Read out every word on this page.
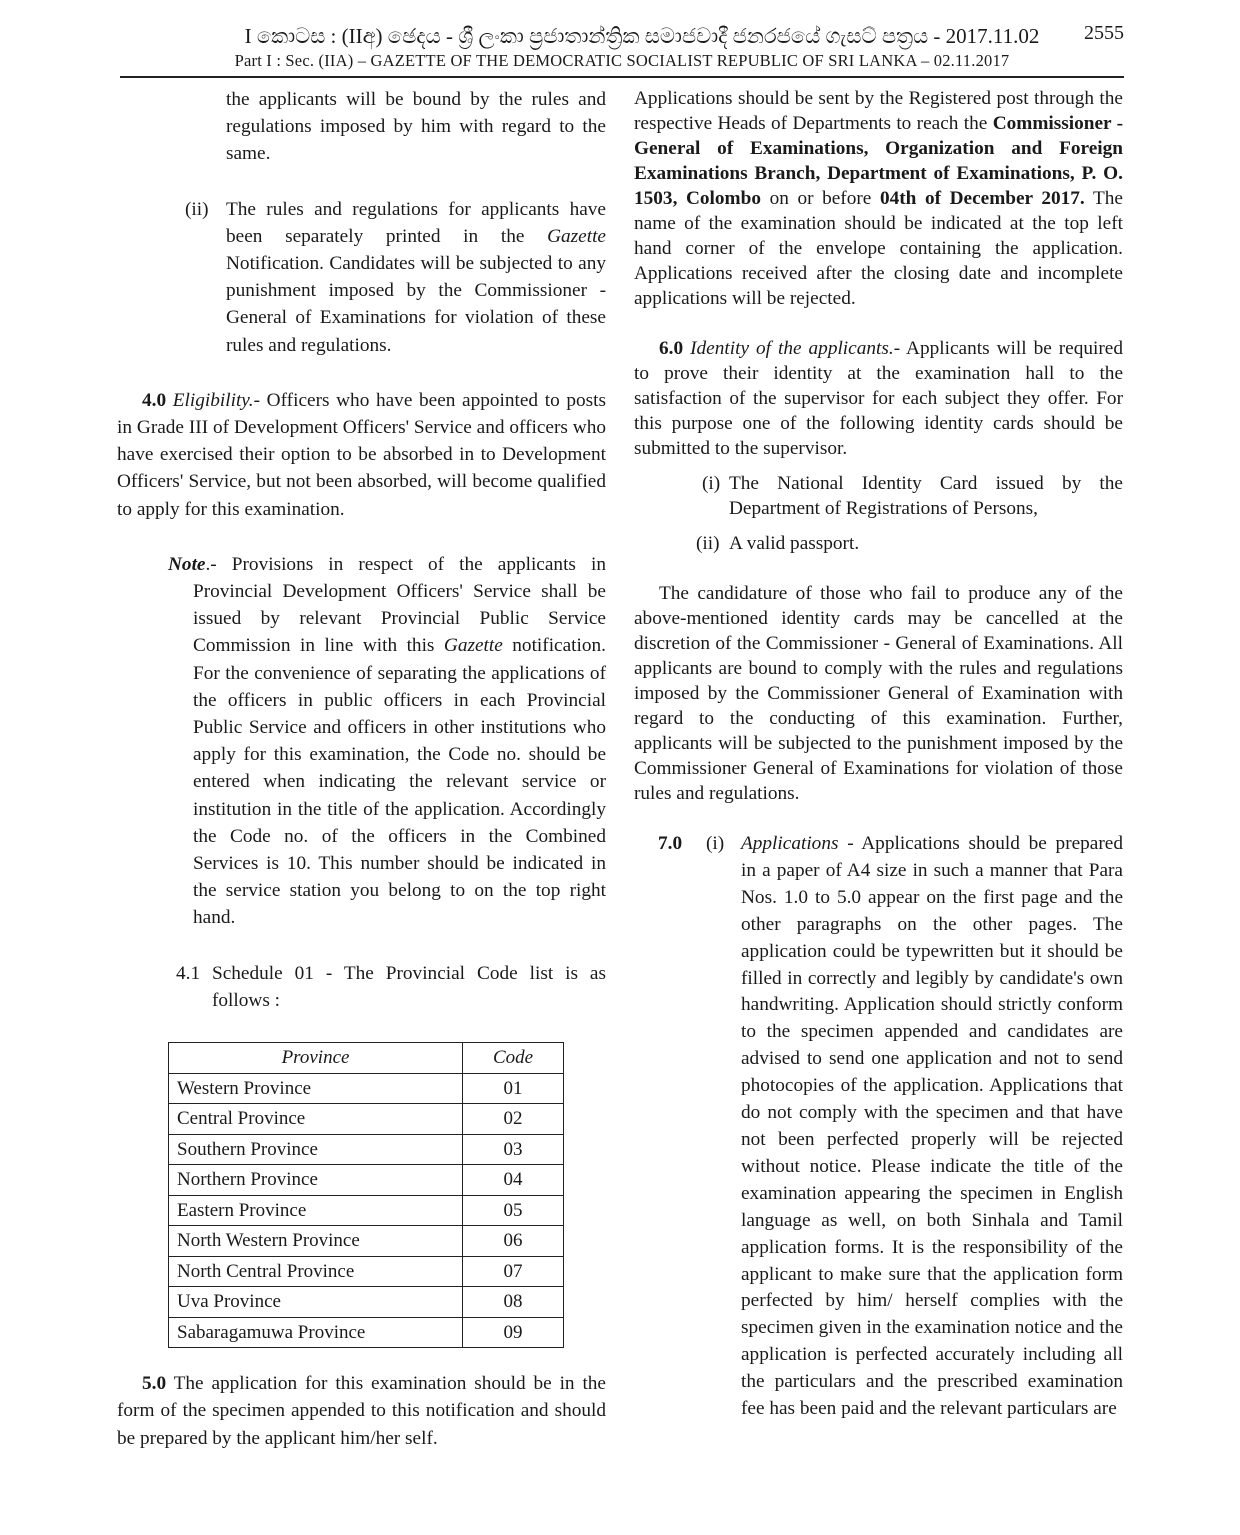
I කොටස : (IIඅ) ඡෙදය - ශ්‍රී ලංකා ප්‍රජාතාන්ත්‍රික සමාජවාදී ජනරජයේ ගැසට් පත්‍රය - 2017.11.02	2555
Part I : Sec. (IIA) – GAZETTE OF THE DEMOCRATIC SOCIALIST REPUBLIC OF SRI LANKA – 02.11.2017

the applicants will be bound by the rules and regulations imposed by him with regard to the same.

(ii) The rules and regulations for applicants have been separately printed in the Gazette Notification. Candidates will be subjected to any punishment imposed by the Commissioner - General of Examinations for violation of these rules and regulations.

4.0 Eligibility.- Officers who have been appointed to posts in Grade III of Development Officers' Service and officers who have exercised their option to be absorbed in to Development Officers' Service, but not been absorbed, will become qualified to apply for this examination.

Note.- Provisions in respect of the applicants in Provincial Development Officers' Service shall be issued by relevant Provincial Public Service Commission in line with this Gazette notification. For the convenience of separating the applications of the officers in public officers in each Provincial Public Service and officers in other institutions who apply for this examination, the Code no. should be entered when indicating the relevant service or institution in the title of the application. Accordingly the Code no. of the officers in the Combined Services is 10. This number should be indicated in the service station you belong to on the top right hand.

4.1 Schedule 01 - The Provincial Code list is as follows :

Province	Code
Western Province	01
Central Province	02
Southern Province	03
Northern Province	04
Eastern Province	05
North Western Province	06
North Central Province	07
Uva Province	08
Sabaragamuwa Province	09

5.0 The application for this examination should be in the form of the specimen appended to this notification and should be prepared by the applicant him/her self.

Applications should be sent by the Registered post through the respective Heads of Departments to reach the Commissioner - General of Examinations, Organization and Foreign Examinations Branch, Department of Examinations, P. O. 1503, Colombo on or before 04th of December 2017. The name of the examination should be indicated at the top left hand corner of the envelope containing the application. Applications received after the closing date and incomplete applications will be rejected.

6.0 Identity of the applicants.- Applicants will be required to prove their identity at the examination hall to the satisfaction of the supervisor for each subject they offer. For this purpose one of the following identity cards should be submitted to the supervisor.

(i) The National Identity Card issued by the Department of Registrations of Persons,

(ii) A valid passport.

The candidature of those who fail to produce any of the above-mentioned identity cards may be cancelled at the discretion of the Commissioner - General of Examinations. All applicants are bound to comply with the rules and regulations imposed by the Commissioner General of Examination with regard to the conducting of this examination. Further, applicants will be subjected to the punishment imposed by the Commissioner General of Examinations for violation of those rules and regulations.

7.0 (i) Applications - Applications should be prepared in a paper of A4 size in such a manner that Para Nos. 1.0 to 5.0 appear on the first page and the other paragraphs on the other pages. The application could be typewritten but it should be filled in correctly and legibly by candidate's own handwriting. Application should strictly conform to the specimen appended and candidates are advised to send one application and not to send photocopies of the application. Applications that do not comply with the specimen and that have not been perfected properly will be rejected without notice. Please indicate the title of the examination appearing the specimen in English language as well, on both Sinhala and Tamil application forms. It is the responsibility of the applicant to make sure that the application form perfected by him/ herself complies with the specimen given in the examination notice and the application is perfected accurately including all the particulars and the prescribed examination fee has been paid and the relevant particulars are
